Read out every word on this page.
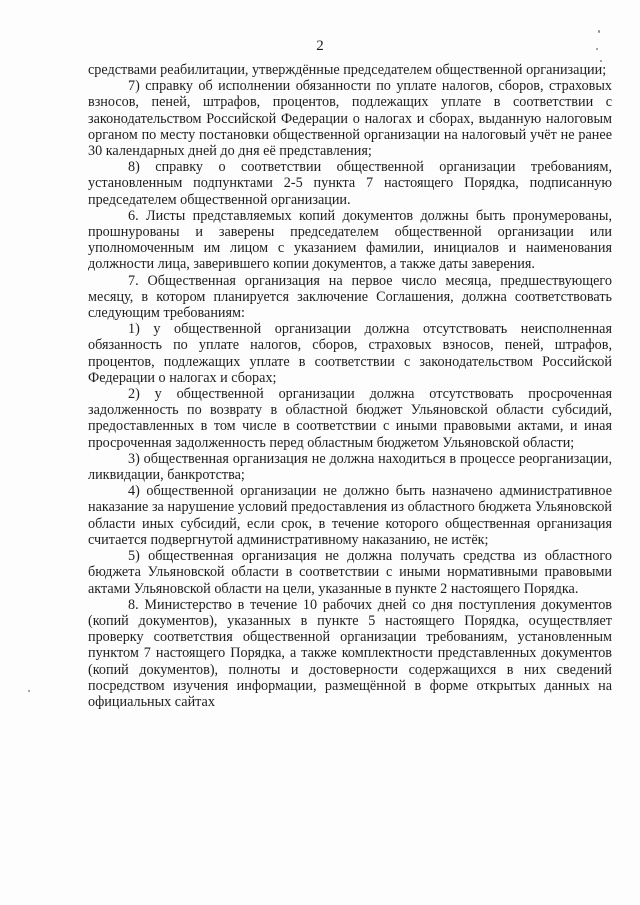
2

средствами реабилитации, утверждённые председателем общественной организации;

7) справку об исполнении обязанности по уплате налогов, сборов, страховых взносов, пеней, штрафов, процентов, подлежащих уплате в соответствии с законодательством Российской Федерации о налогах и сборах, выданную налоговым органом по месту постановки общественной организации на налоговый учёт не ранее 30 календарных дней до дня её представления;

8) справку о соответствии общественной организации требованиям, установленным подпунктами 2-5 пункта 7 настоящего Порядка, подписанную председателем общественной организации.

6. Листы представляемых копий документов должны быть пронумерованы, прошнурованы и заверены председателем общественной организации или уполномоченным им лицом с указанием фамилии, инициалов и наименования должности лица, заверившего копии документов, а также даты заверения.

7. Общественная организация на первое число месяца, предшествующего месяцу, в котором планируется заключение Соглашения, должна соответствовать следующим требованиям:

1) у общественной организации должна отсутствовать неисполненная обязанность по уплате налогов, сборов, страховых взносов, пеней, штрафов, процентов, подлежащих уплате в соответствии с законодательством Российской Федерации о налогах и сборах;

2) у общественной организации должна отсутствовать просроченная задолженность по возврату в областной бюджет Ульяновской области субсидий, предоставленных в том числе в соответствии с иными правовыми актами, и иная просроченная задолженность перед областным бюджетом Ульяновской области;

3) общественная организация не должна находиться в процессе реорганизации, ликвидации, банкротства;

4) общественной организации не должно быть назначено административное наказание за нарушение условий предоставления из областного бюджета Ульяновской области иных субсидий, если срок, в течение которого общественная организация считается подвергнутой административному наказанию, не истёк;

5) общественная организация не должна получать средства из областного бюджета Ульяновской области в соответствии с иными нормативными правовыми актами Ульяновской области на цели, указанные в пункте 2 настоящего Порядка.

8. Министерство в течение 10 рабочих дней со дня поступления документов (копий документов), указанных в пункте 5 настоящего Порядка, осуществляет проверку соответствия общественной организации требованиям, установленным пунктом 7 настоящего Порядка, а также комплектности представленных документов (копий документов), полноты и достоверности содержащихся в них сведений посредством изучения информации, размещённой в форме открытых данных на официальных сайтах
